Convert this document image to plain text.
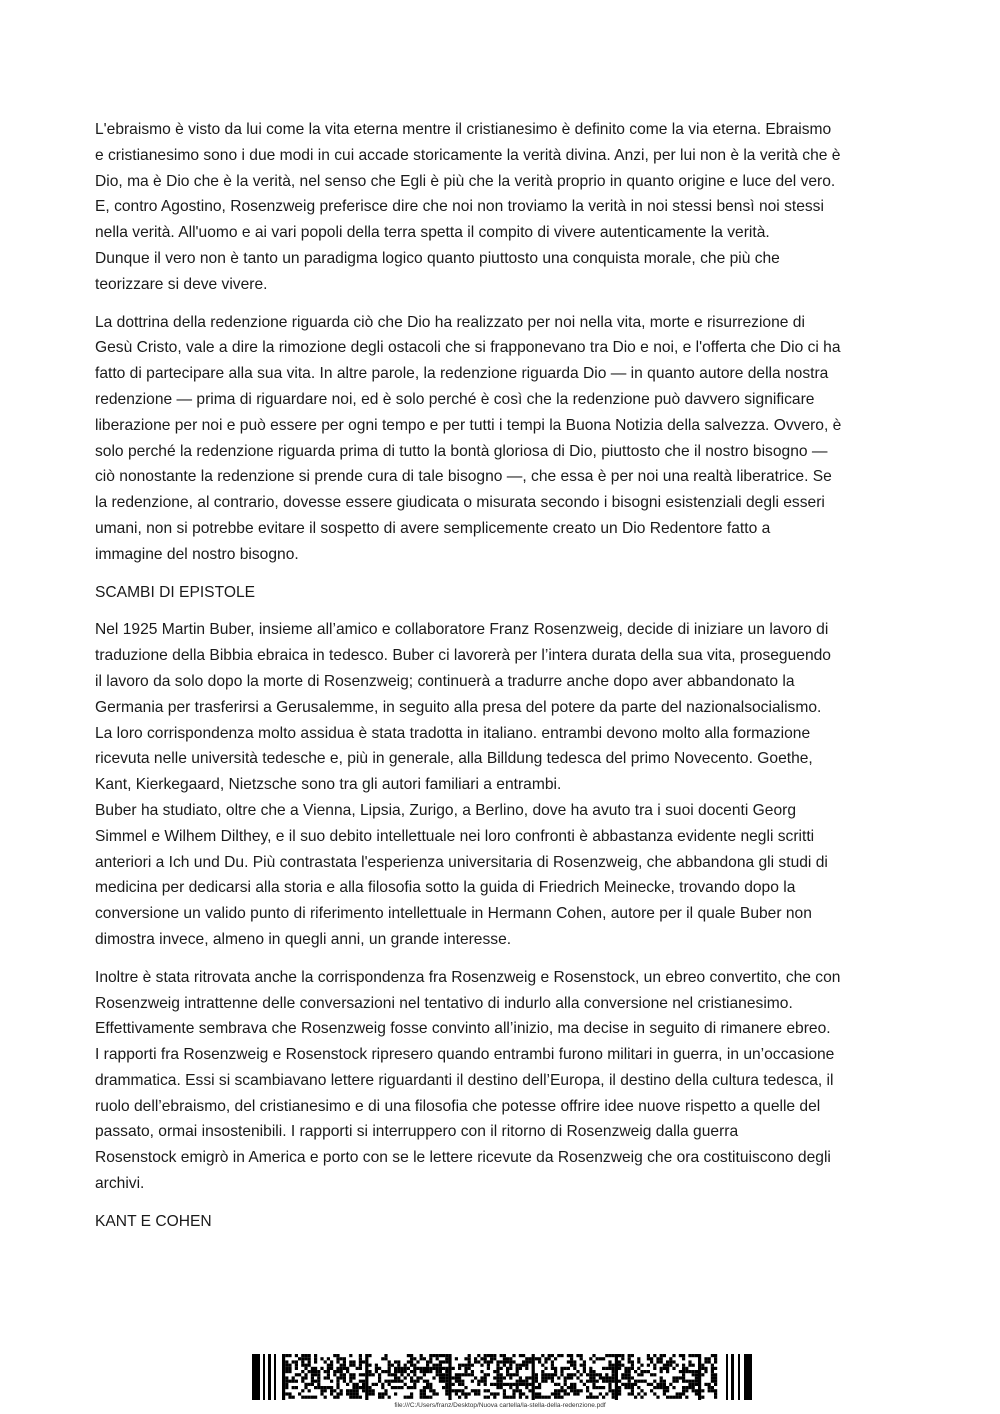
L'ebraismo è visto da lui come la vita eterna mentre il cristianesimo è definito come la via eterna. Ebraismo
e cristianesimo sono i due modi in cui accade storicamente la verità divina. Anzi, per lui non è la verità che è
Dio, ma è Dio che è la verità, nel senso che Egli è più che la verità proprio in quanto origine e luce del vero.
E, contro Agostino, Rosenzweig preferisce dire che noi non troviamo la verità in noi stessi bensì noi stessi
nella verità. All'uomo e ai vari popoli della terra spetta il compito di vivere autenticamente la verità.
Dunque il vero non è tanto un paradigma logico quanto piuttosto una conquista morale, che più che
teorizzare si deve vivere.
La dottrina della redenzione riguarda ciò che Dio ha realizzato per noi nella vita, morte e risurrezione di
Gesù Cristo, vale a dire la rimozione degli ostacoli che si frapponevano tra Dio e noi, e l'offerta che Dio ci ha
fatto di partecipare alla sua vita. In altre parole, la redenzione riguarda Dio — in quanto autore della nostra
redenzione — prima di riguardare noi, ed è solo perché è così che la redenzione può davvero significare
liberazione per noi e può essere per ogni tempo e per tutti i tempi la Buona Notizia della salvezza. Ovvero, è
solo perché la redenzione riguarda prima di tutto la bontà gloriosa di Dio, piuttosto che il nostro bisogno —
ciò nonostante la redenzione si prende cura di tale bisogno —, che essa è per noi una realtà liberatrice. Se
la redenzione, al contrario, dovesse essere giudicata o misurata secondo i bisogni esistenziali degli esseri
umani, non si potrebbe evitare il sospetto di avere semplicemente creato un Dio Redentore fatto a
immagine del nostro bisogno.
SCAMBI DI EPISTOLE
Nel 1925 Martin Buber, insieme all’amico e collaboratore Franz Rosenzweig, decide di iniziare un lavoro di
traduzione della Bibbia ebraica in tedesco. Buber ci lavorerà per l’intera durata della sua vita, proseguendo
il lavoro da solo dopo la morte di Rosenzweig; continuerà a tradurre anche dopo aver abbandonato la
Germania per trasferirsi a Gerusalemme, in seguito alla presa del potere da parte del nazionalsocialismo.
La loro corrispondenza molto assidua è stata tradotta in italiano. entrambi devono molto alla formazione
ricevuta nelle università tedesche e, più in generale, alla Billdung tedesca del primo Novecento. Goethe,
Kant, Kierkegaard, Nietzsche sono tra gli autori familiari a entrambi.
Buber ha studiato, oltre che a Vienna, Lipsia, Zurigo, a Berlino, dove ha avuto tra i suoi docenti Georg
Simmel e Wilhem Dilthey, e il suo debito intellettuale nei loro confronti è abbastanza evidente negli scritti
anteriori a Ich und Du. Più contrastata l'esperienza universitaria di Rosenzweig, che abbandona gli studi di
medicina per dedicarsi alla storia e alla filosofia sotto la guida di Friedrich Meinecke, trovando dopo la
conversione un valido punto di riferimento intellettuale in Hermann Cohen, autore per il quale Buber non
dimostra invece, almeno in quegli anni, un grande interesse.
Inoltre è stata ritrovata anche la corrispondenza fra Rosenzweig e Rosenstock, un ebreo convertito, che con
Rosenzweig intrattenne delle conversazioni nel tentativo di indurlo alla conversione nel cristianesimo.
Effettivamente sembrava che Rosenzweig fosse convinto all’inizio, ma decise in seguito di rimanere ebreo.
I rapporti fra Rosenzweig e Rosenstock ripresero quando entrambi furono militari in guerra, in un’occasione
drammatica. Essi si scambiavano lettere riguardanti il destino dell’Europa, il destino della cultura tedesca, il
ruolo dell’ebraismo, del cristianesimo e di una filosofia che potesse offrire idee nuove rispetto a quelle del
passato, ormai insostenibili. I rapporti si interruppero con il ritorno di Rosenzweig dalla guerra
Rosenstock emigrò in America e porto con se le lettere ricevute da Rosenzweig che ora costituiscono degli
archivi.
KANT E COHEN
file:///C:/Users/franz/Desktop/Nuova cartella/la-stella-della-redenzione.pdf
